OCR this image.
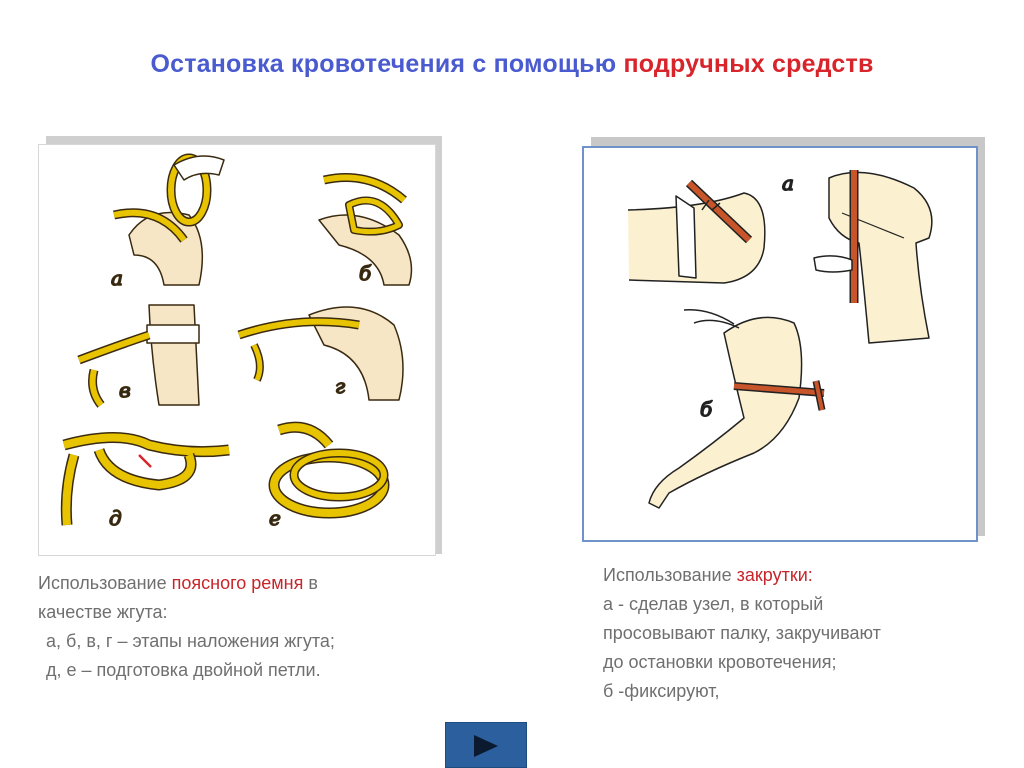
Остановка кровотечения с помощью подручных средств
а	б
в	г
д	е
а
б
Использование поясного ремня в
качестве жгута:
а, б, в, г – этапы наложения жгута;
д, е – подготовка двойной петли.
Использование закрутки:
а - сделав узел, в который
просовывают палку, закручивают
до остановки кровотечения;
б -фиксируют,
